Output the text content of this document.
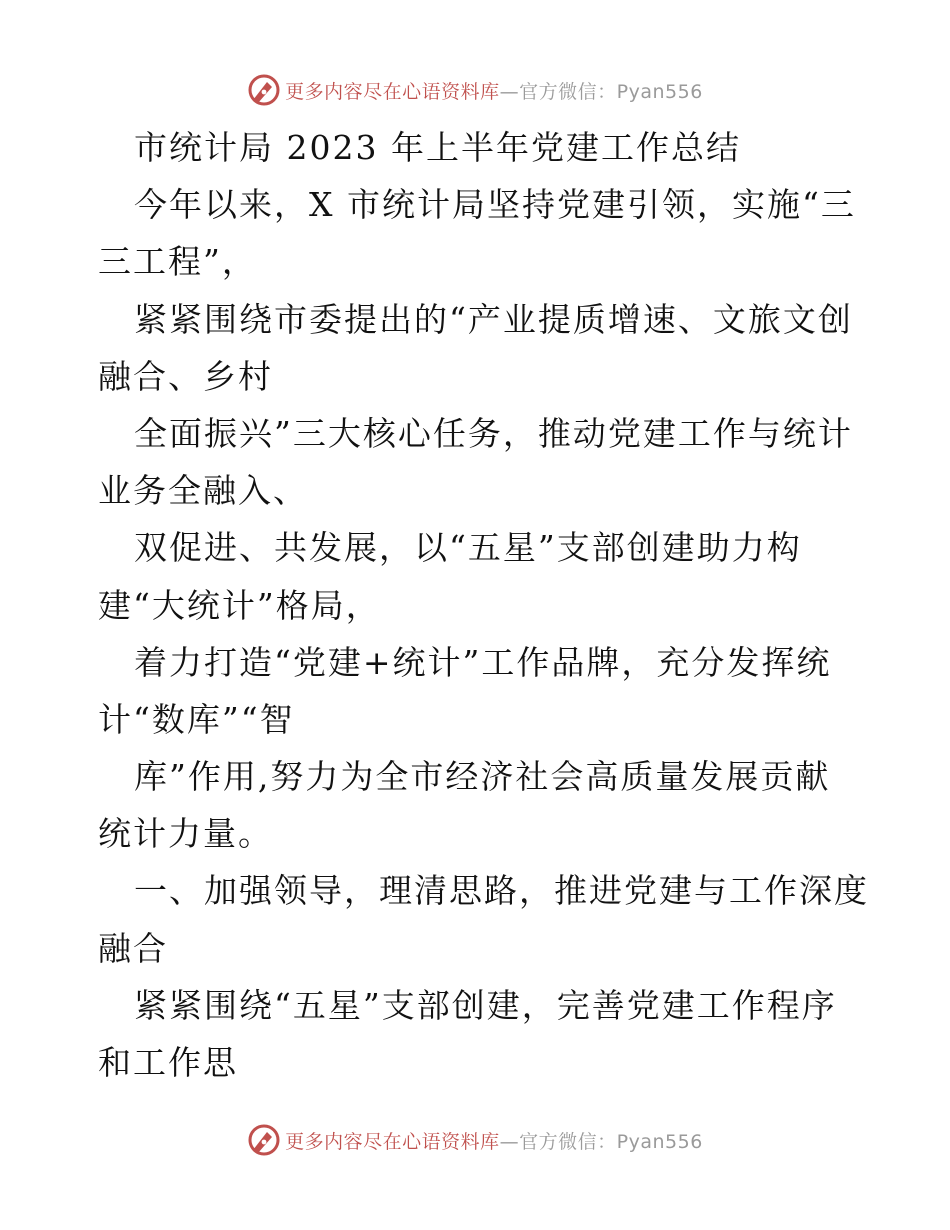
更多内容尽在心语资料库—官方微信：Pyan556
市统计局 2023 年上半年党建工作总结
今年以来，X 市统计局坚持党建引领，实施“三
三工程”，
紧紧围绕市委提出的“产业提质增速、文旅文创
融合、乡村
全面振兴”三大核心任务，推动党建工作与统计
业务全融入、
双促进、共发展，以“五星”支部创建助力构
建“大统计”格局，
着力打造“党建+统计”工作品牌，充分发挥统
计“数库”“智
库”作用,努力为全市经济社会高质量发展贡献
统计力量。
一、加强领导，理清思路，推进党建与工作深度
融合
紧紧围绕“五星”支部创建，完善党建工作程序
和工作思
更多内容尽在心语资料库—官方微信：Pyan556
